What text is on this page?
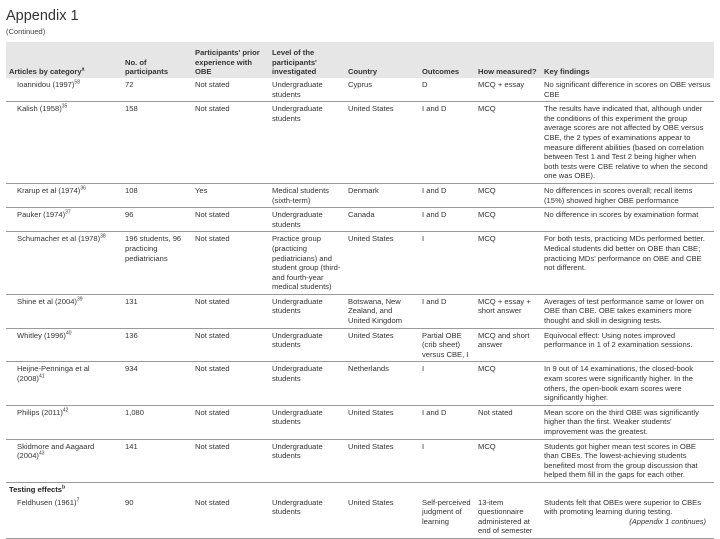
Appendix 1
(Continued)
Articles by category$^a$	No. of participants	Participants' prior experience with OBE	Level of the participants' investigated	Country	Outcomes	How measured?	Key findings
Ioannidou $(1997)^{58}$	72	Not stated	Undergraduate students	Cyprus	D	MCQ + essay	No significant difference in scores on OBE versus CBE
Kalish $(1958)^{35}$	158	Not stated	Undergraduate students	United States	I and D	MCQ	The results have indicated that, although under the conditions of this experiment the group average scores are not affected by OBE versus CBE, the 2 types of examinations appear to measure different abilities (based on correlation between Test 1 and Test 2 being higher when both tests were CBE relative to when the second one was OBE).
Krarup et al $(1974)^{36}$	108	Yes	Medical students (sixth-term)	Denmark	I and D	MCQ	No differences in scores overall; recall items (15%) showed higher OBE performance
Pauker $(1974)^{37}$	96	Not stated	Undergraduate students	Canada	I and D	MCQ	No difference in scores by examination format
Schumacher et al $(1978)^{38}$	196 students, 96 practicing pediatricians	Not stated	Practice group (practicing pediatricians) and student group (third- and fourth-year medical students)	United States	I	MCQ	For both tests, practicing MDs performed better. Medical students did better on OBE than CBE; practicing MDs' performance on OBE and CBE not different.
Shine et al $(2004)^{39}$	131	Not stated	Undergraduate students	Botswana, New Zealand, and United Kingdom	I and D	MCQ + essay + short answer	Averages of test performance same or lower on OBE than CBE. OBE takes examiners more thought and skill in designing tests.
Whitley $(1996)^{40}$	136	Not stated	Undergraduate students	United States	Partial OBE (crib sheet) versus CBE, I	MCQ and short answer	Equivocal effect: Using notes improved performance in 1 of 2 examination sessions.
Heijne-Penninga et al $(2008)^{41}$	934	Not stated	Undergraduate students	Netherlands	I	MCQ	In 9 out of 14 examinations, the closed-book exam scores were significantly higher. In the others, the open-book exam scores were significantly higher.
Philips $(2011)^{42}$	1,080	Not stated	Undergraduate students	United States	I and D	Not stated	Mean score on the third OBE was significantly higher than the first. Weaker students' improvement was the greatest.
Skidmore and Aagaard $(2004)^{43}$	141	Not stated	Undergraduate students	United States	I	MCQ	Students got higher mean test scores in OBE than CBEs. The lowest-achieving students benefited most from the group discussion that helped them fill in the gaps for each other.
Testing effects$^b$
Feldhusen $(1961)^7$	90	Not stated	Undergraduate students	United States	Self-perceived judgment of learning	13-item questionnaire administered at end of semester	Students felt that OBEs were superior to CBEs with promoting learning during testing.
(Appendix 1 continues)
